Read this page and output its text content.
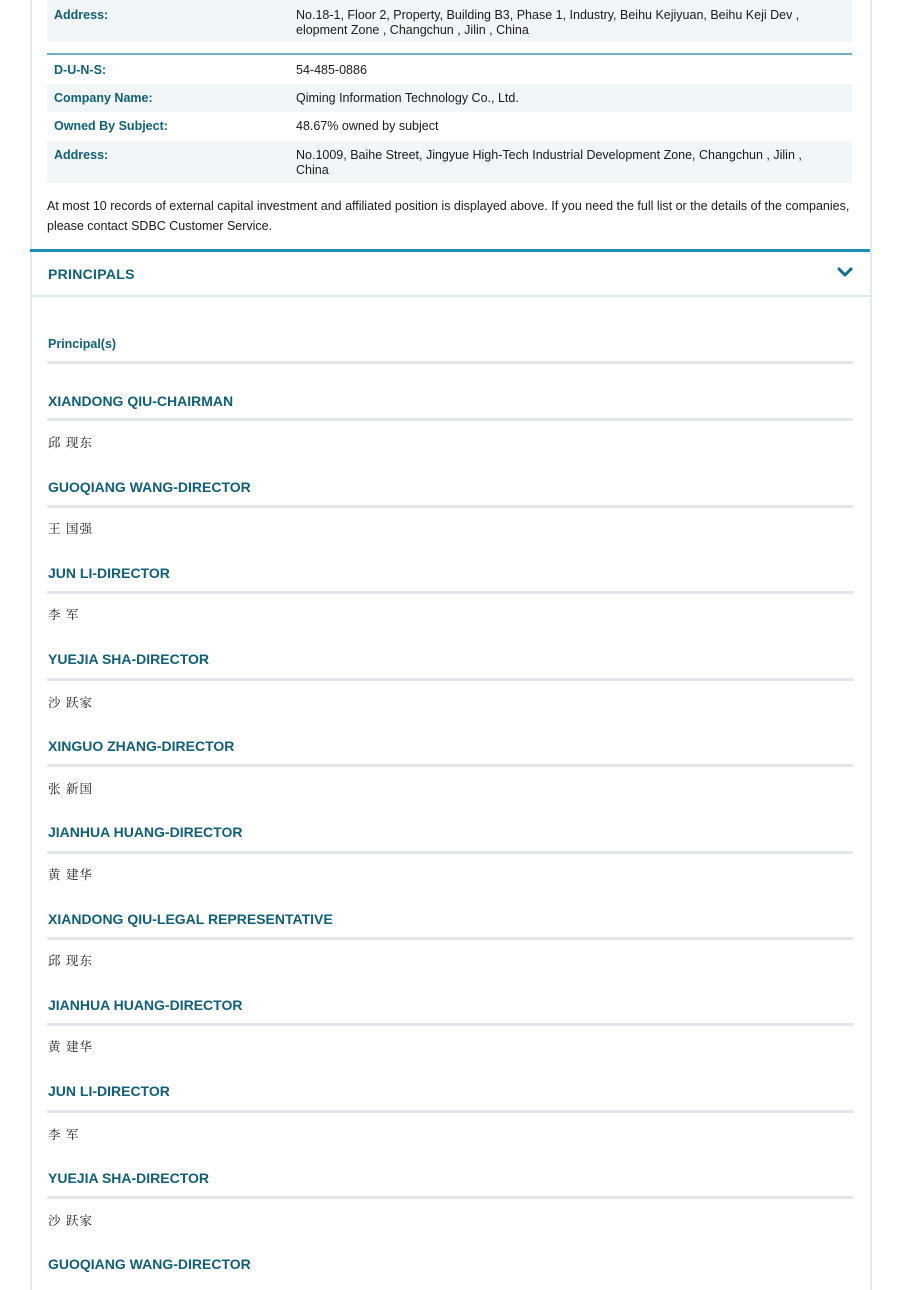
Address:	No.18-1, Floor 2, Property, Building B3, Phase 1, Industry, Beihu Kejiyuan, Beihu Keji Dev , elopment Zone , Changchun , Jilin , China
D-U-N-S:	54-485-0886
Company Name:	Qiming Information Technology Co., Ltd.
Owned By Subject:	48.67% owned by subject
Address:	No.1009, Baihe Street, Jingyue High-Tech Industrial Development Zone, Changchun , Jilin , China
At most 10 records of external capital investment and affiliated position is displayed above. If you need the full list or the details of the companies, please contact SDBC Customer Service.
PRINCIPALS
Principal(s)
XIANDONG QIU-CHAIRMAN
邱 现东
GUOQIANG WANG-DIRECTOR
王 国强
JUN LI-DIRECTOR
李 军
YUEJIA SHA-DIRECTOR
沙 跃家
XINGUO ZHANG-DIRECTOR
张 新国
JIANHUA HUANG-DIRECTOR
黄 建华
XIANDONG QIU-LEGAL REPRESENTATIVE
邱 现东
JIANHUA HUANG-DIRECTOR
黄 建华
JUN LI-DIRECTOR
李 军
YUEJIA SHA-DIRECTOR
沙 跃家
GUOQIANG WANG-DIRECTOR
